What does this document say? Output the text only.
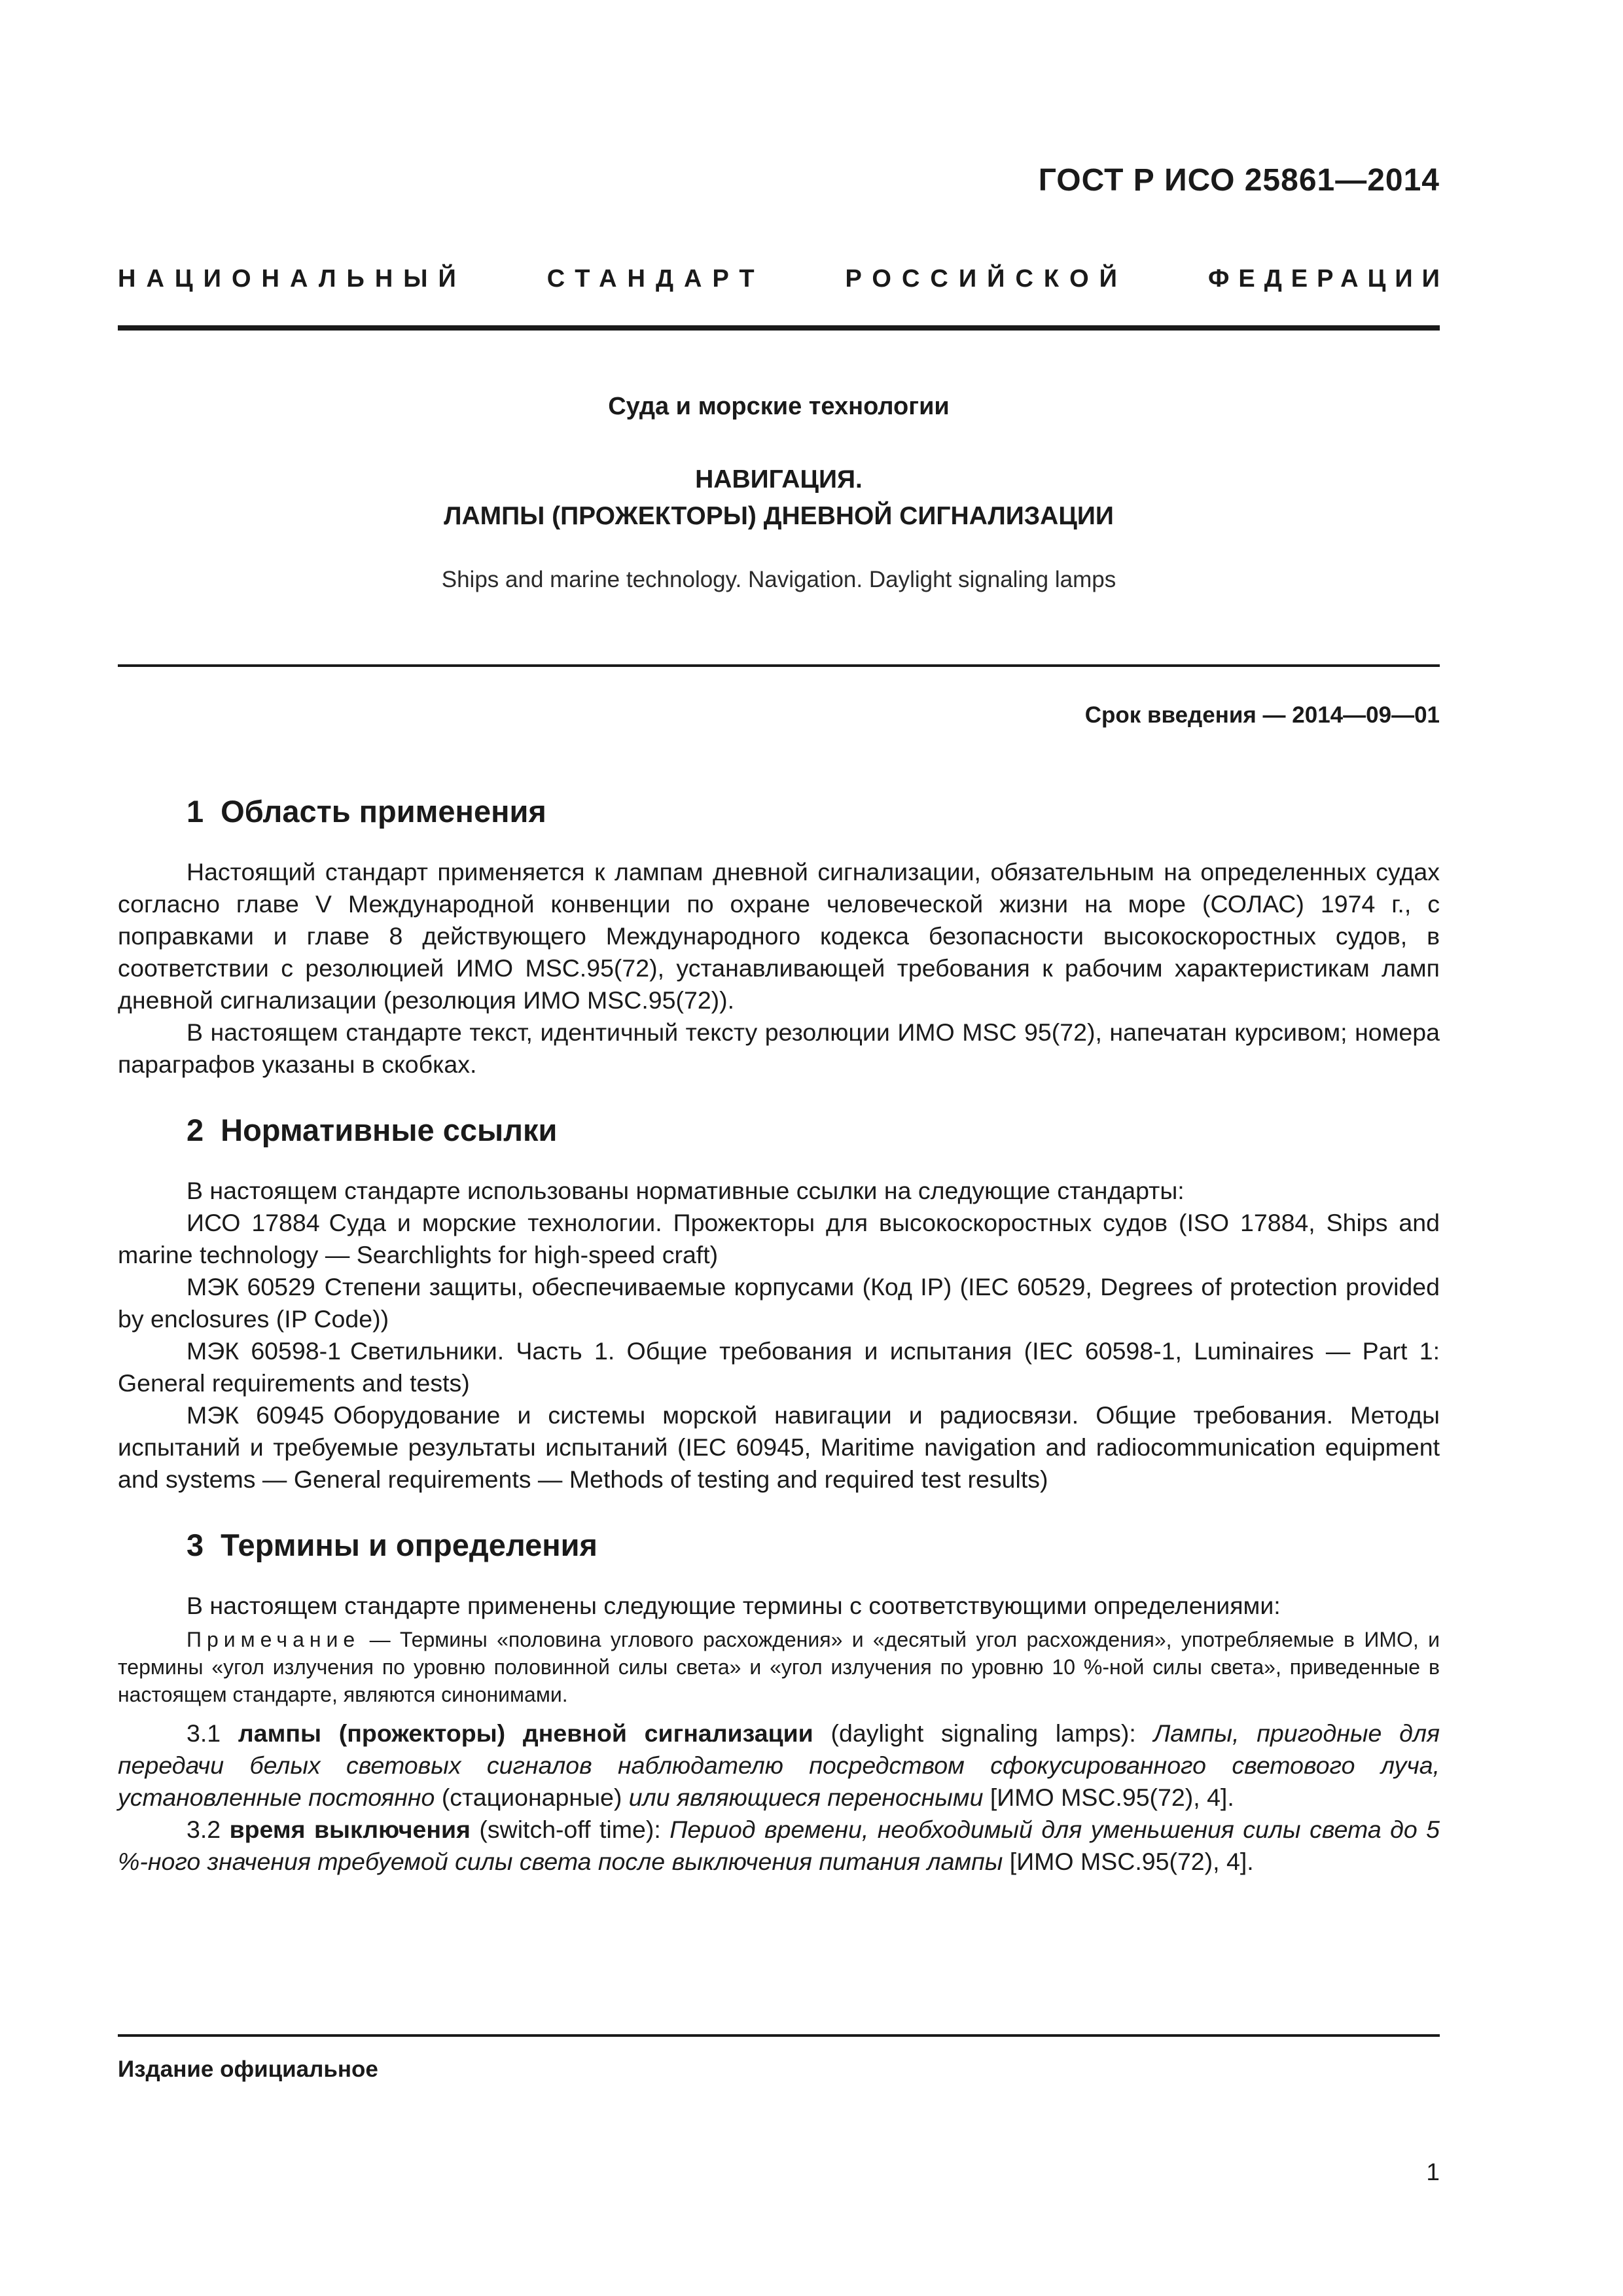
ГОСТ Р ИСО 25861—2014
НАЦИОНАЛЬНЫЙ	СТАНДАРТ	РОССИЙСКОЙ	ФЕДЕРАЦИИ
Суда и морские технологии
НАВИГАЦИЯ.
ЛАМПЫ (ПРОЖЕКТОРЫ) ДНЕВНОЙ СИГНАЛИЗАЦИИ
Ships and marine technology. Navigation. Daylight signaling lamps
Срок введения — 2014—09—01
1 Область применения

Настоящий стандарт применяется к лампам дневной сигнализации, обязательным на определенных судах согласно главе V Международной конвенции по охране человеческой жизни на море (СОЛАС) 1974 г., с поправками и главе 8 действующего Международного кодекса безопасности высокоскоростных судов, в соответствии с резолюцией ИМО MSC.95(72), устанавливающей требования к рабочим характеристикам ламп дневной сигнализации (резолюция ИМО MSC.95(72)).

В настоящем стандарте текст, идентичный тексту резолюции ИМО MSC 95(72), напечатан курсивом; номера параграфов указаны в скобках.

2 Нормативные ссылки

В настоящем стандарте использованы нормативные ссылки на следующие стандарты:

ИСО 17884 Суда и морские технологии. Прожекторы для высокоскоростных судов (ISO 17884, Ships and marine technology — Searchlights for high-speed craft)

МЭК 60529 Степени защиты, обеспечиваемые корпусами (Код IP) (IEC 60529, Degrees of protection provided by enclosures (IP Code))

МЭК 60598-1 Светильники. Часть 1. Общие требования и испытания (IEC 60598-1, Luminaires — Part 1: General requirements and tests)

МЭК 60945 Оборудование и системы морской навигации и радиосвязи. Общие требования. Методы испытаний и требуемые результаты испытаний (IEC 60945, Maritime navigation and radiocommunication equipment and systems — General requirements — Methods of testing and required test results)

3 Термины и определения

В настоящем стандарте применены следующие термины с соответствующими определениями:

Примечание — Термины «половина углового расхождения» и «десятый угол расхождения», употребляемые в ИМО, и термины «угол излучения по уровню половинной силы света» и «угол излучения по уровню 10 %-ной силы света», приведенные в настоящем стандарте, являются синонимами.

3.1 лампы (прожекторы) дневной сигнализации (daylight signaling lamps): Лампы, пригодные для передачи белых световых сигналов наблюдателю посредством сфокусированного светового луча, установленные постоянно (стационарные) или являющиеся переносными [ИМО MSC.95(72), 4].

3.2 время выключения (switch-off time): Период времени, необходимый для уменьшения силы света до 5 %-ного значения требуемой силы света после выключения питания лампы [ИМО MSC.95(72), 4].

Издание официальное
1
